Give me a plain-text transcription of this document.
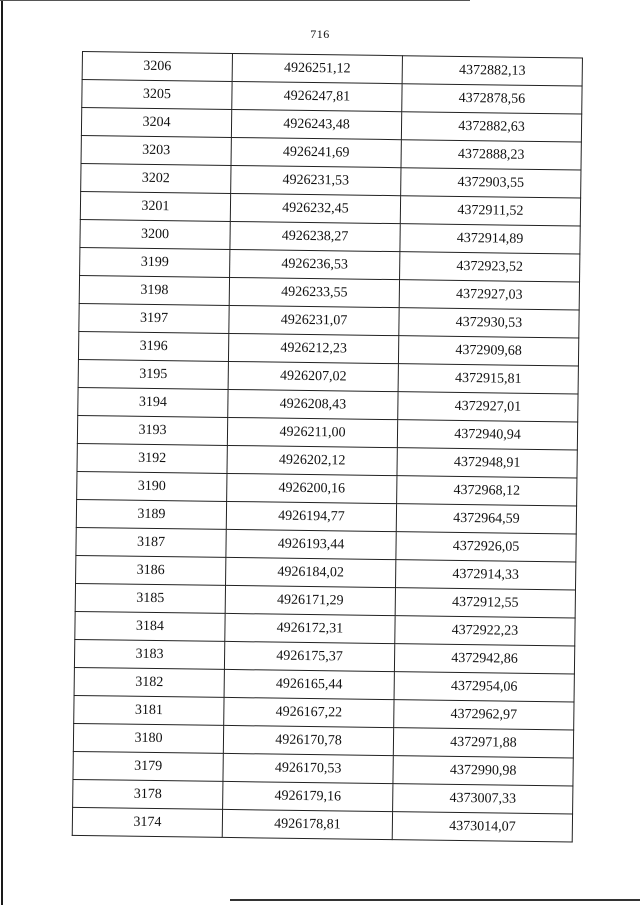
716
3206	4926251,12	4372882,13
3205	4926247,81	4372878,56
3204	4926243,48	4372882,63
3203	4926241,69	4372888,23
3202	4926231,53	4372903,55
3201	4926232,45	4372911,52
3200	4926238,27	4372914,89
3199	4926236,53	4372923,52
3198	4926233,55	4372927,03
3197	4926231,07	4372930,53
3196	4926212,23	4372909,68
3195	4926207,02	4372915,81
3194	4926208,43	4372927,01
3193	4926211,00	4372940,94
3192	4926202,12	4372948,91
3190	4926200,16	4372968,12
3189	4926194,77	4372964,59
3187	4926193,44	4372926,05
3186	4926184,02	4372914,33
3185	4926171,29	4372912,55
3184	4926172,31	4372922,23
3183	4926175,37	4372942,86
3182	4926165,44	4372954,06
3181	4926167,22	4372962,97
3180	4926170,78	4372971,88
3179	4926170,53	4372990,98
3178	4926179,16	4373007,33
3174	4926178,81	4373014,07
